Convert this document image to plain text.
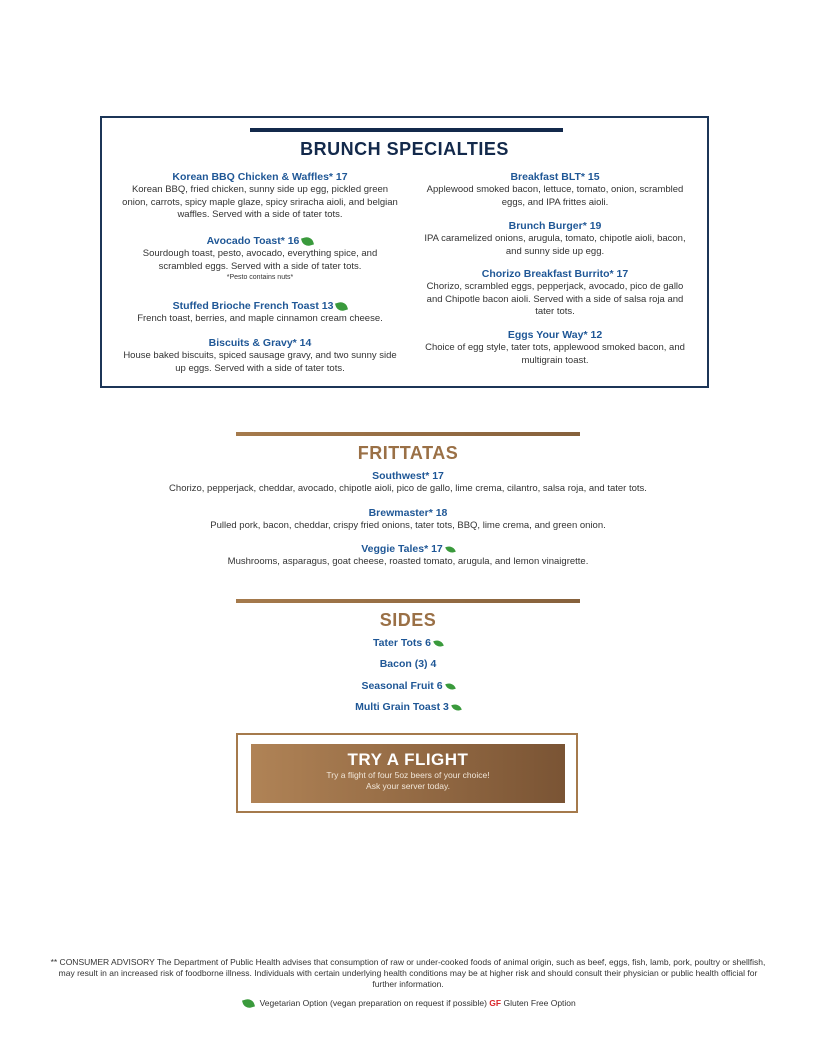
BRUNCH SPECIALTIES
Korean BBQ Chicken & Waffles* 17
Korean BBQ, fried chicken, sunny side up egg, pickled green onion, carrots, spicy maple glaze, spicy sriracha aioli, and belgian waffles. Served with a side of tater tots.
Avocado Toast* 16
Sourdough toast, pesto, avocado, everything spice, and scrambled eggs. Served with a side of tater tots.
*Pesto contains nuts*
Stuffed Brioche French Toast 13
French toast, berries, and maple cinnamon cream cheese.
Biscuits & Gravy* 14
House baked biscuits, spiced sausage gravy, and two sunny side up eggs. Served with a side of tater tots.
Breakfast BLT* 15
Applewood smoked bacon, lettuce, tomato, onion, scrambled eggs, and IPA frittes aioli.
Brunch Burger* 19
IPA caramelized onions, arugula, tomato, chipotle aioli, bacon, and sunny side up egg.
Chorizo Breakfast Burrito* 17
Chorizo, scrambled eggs, pepperjack, avocado, pico de gallo and Chipotle bacon aioli. Served with a side of salsa roja and tater tots.
Eggs Your Way* 12
Choice of egg style, tater tots, applewood smoked bacon, and multigrain toast.
FRITTATAS
Southwest* 17
Chorizo, pepperjack, cheddar, avocado, chipotle aioli, pico de gallo, lime crema, cilantro, salsa roja, and tater tots.
Brewmaster* 18
Pulled pork, bacon, cheddar, crispy fried onions, tater tots, BBQ, lime crema, and green onion.
Veggie Tales* 17
Mushrooms, asparagus, goat cheese, roasted tomato, arugula, and lemon vinaigrette.
SIDES
Tater Tots 6
Bacon (3) 4
Seasonal Fruit 6
Multi Grain Toast 3
TRY A FLIGHT
Try a flight of four 5oz beers of your choice!
Ask your server today.
** CONSUMER ADVISORY The Department of Public Health advises that consumption of raw or under-cooked foods of animal origin, such as beef, eggs, fish, lamb, pork, poultry or shellfish, may result in an increased risk of foodborne illness. Individuals with certain underlying health conditions may be at higher risk and should consult their physician or public health official for further information.
Vegetarian Option (vegan preparation on request if possible) GF Gluten Free Option
